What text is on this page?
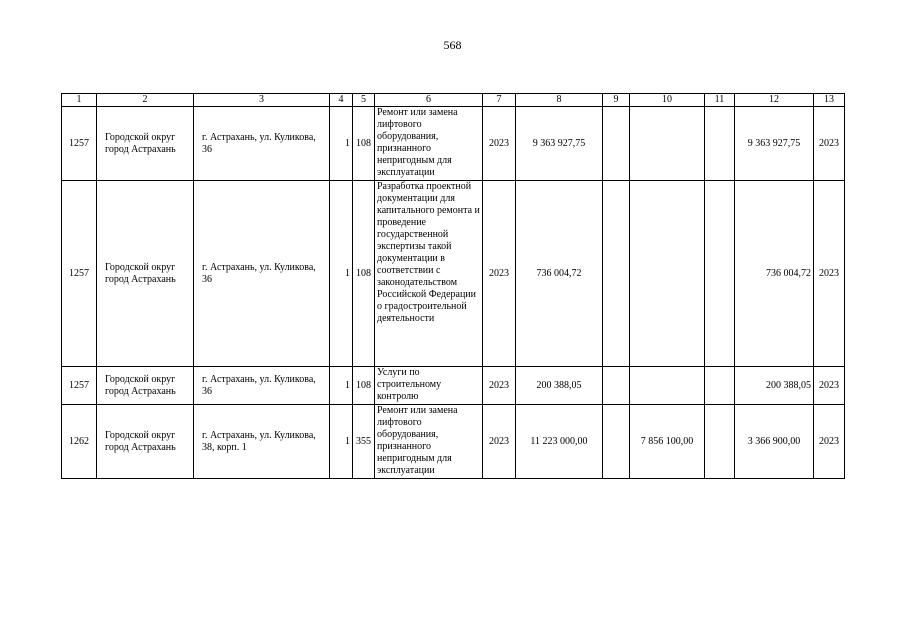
568
1	2	3	4	5	6	7	8	9	10	11	12	13
1257	Городской округ город Астрахань	г. Астрахань, ул. Куликова, 36	1	108	Ремонт или замена лифтового оборудования, признанного непригодным для эксплуатации	2023	9 363 927,75				9 363 927,75	2023
1257	Городской округ город Астрахань	г. Астрахань, ул. Куликова, 36	1	108	Разработка проектной документации для капитального ремонта и проведение государственной экспертизы такой документации в соответствии с законодательством Российской Федерации о градостроительной деятельности	2023	736 004,72				736 004,72	2023
1257	Городской округ город Астрахань	г. Астрахань, ул. Куликова, 36	1	108	Услуги по строительному контролю	2023	200 388,05				200 388,05	2023
1262	Городской округ город Астрахань	г. Астрахань, ул. Куликова, 38, корп. 1	1	355	Ремонт или замена лифтового оборудования, признанного непригодным для эксплуатации	2023	11 223 000,00		7 856 100,00		3 366 900,00	2023
